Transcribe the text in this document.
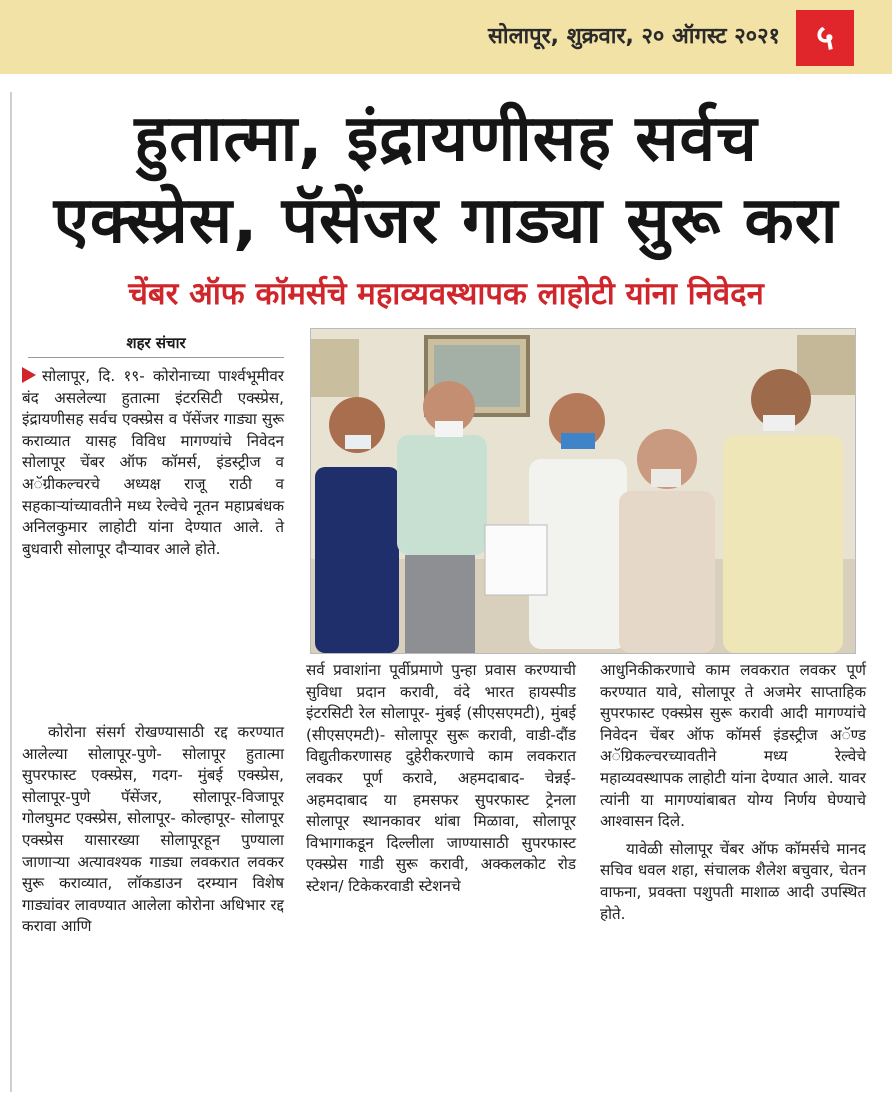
सोलापूर, शुक्रवार, २० ऑगस्ट २०२१	५
हुतात्मा, इंद्रायणीसह सर्वच
एक्स्प्रेस, पॅसेंजर गाड्या सुरू करा
चेंबर ऑफ कॉमर्सचे महाव्यवस्थापक लाहोटी यांना निवेदन
शहर संचार

सोलापूर, दि. १९- कोरोनाच्या पार्श्वभूमीवर बंद असलेल्या हुतात्मा इंटरसिटी एक्स्प्रेस, इंद्रायणीसह सर्वच एक्स्प्रेस व पॅसेंजर गाड्या सुरू कराव्यात यासह विविध मागण्यांचे निवेदन सोलापूर चेंबर ऑफ कॉमर्स, इंडस्ट्रीज व अॅग्रीकल्चरचे अध्यक्ष राजू राठी व सहकाऱ्यांच्यावतीने मध्य रेल्वेचे नूतन महाप्रबंधक अनिलकुमार लाहोटी यांना देण्यात आले. ते बुधवारी सोलापूर दौऱ्यावर आले होते.

कोरोना संसर्ग रोखण्यासाठी रद्द करण्यात आलेल्या सोलापूर-पुणे- सोलापूर हुतात्मा सुपरफास्ट एक्स्प्रेस, गदग- मुंबई एक्स्प्रेस, सोलापूर-पुणे पॅसेंजर, सोलापूर-विजापूर गोलघुमट एक्स्प्रेस, सोलापूर- कोल्हापूर- सोलापूर एक्स्प्रेस यासारख्या सोलापूरहून पुण्याला जाणाऱ्या अत्यावश्यक गाड्या लवकरात लवकर सुरू कराव्यात, लॉकडाउन दरम्यान विशेष गाड्यांवर लावण्यात आलेला कोरोना अधिभार रद्द करावा आणि

सर्व प्रवाशांना पूर्वीप्रमाणे पुन्हा प्रवास करण्याची सुविधा प्रदान करावी, वंदे भारत हायस्पीड इंटरसिटी रेल सोलापूर- मुंबई (सीएसएमटी), मुंबई (सीएसएमटी)- सोलापूर सुरू करावी, वाडी-दौंड विद्युतीकरणासह दुहेरीकरणाचे काम लवकरात लवकर पूर्ण करावे, अहमदाबाद- चेन्नई- अहमदाबाद या हमसफर सुपरफास्ट ट्रेनला सोलापूर स्थानकावर थांबा मिळावा, सोलापूर विभागाकडून दिल्लीला जाण्यासाठी सुपरफास्ट एक्स्प्रेस गाडी सुरू करावी, अक्कलकोट रोड स्टेशन/ टिकेकरवाडी स्टेशनचे

आधुनिकीकरणाचे काम लवकरात लवकर पूर्ण करण्यात यावे, सोलापूर ते अजमेर साप्ताहिक सुपरफास्ट एक्स्प्रेस सुरू करावी आदी मागण्यांचे निवेदन चेंबर ऑफ कॉमर्स इंडस्ट्रीज अॅण्ड अॅग्रिकल्चरच्यावतीने मध्य रेल्वेचे महाव्यवस्थापक लाहोटी यांना देण्यात आले. यावर त्यांनी या मागण्यांबाबत योग्य निर्णय घेण्याचे आश्वासन दिले.

यावेळी सोलापूर चेंबर ऑफ कॉमर्सचे मानद सचिव धवल शहा, संचालक शैलेश बचुवार, चेतन वाफना, प्रवक्ता पशुपती माशाळ आदी उपस्थित होते.
